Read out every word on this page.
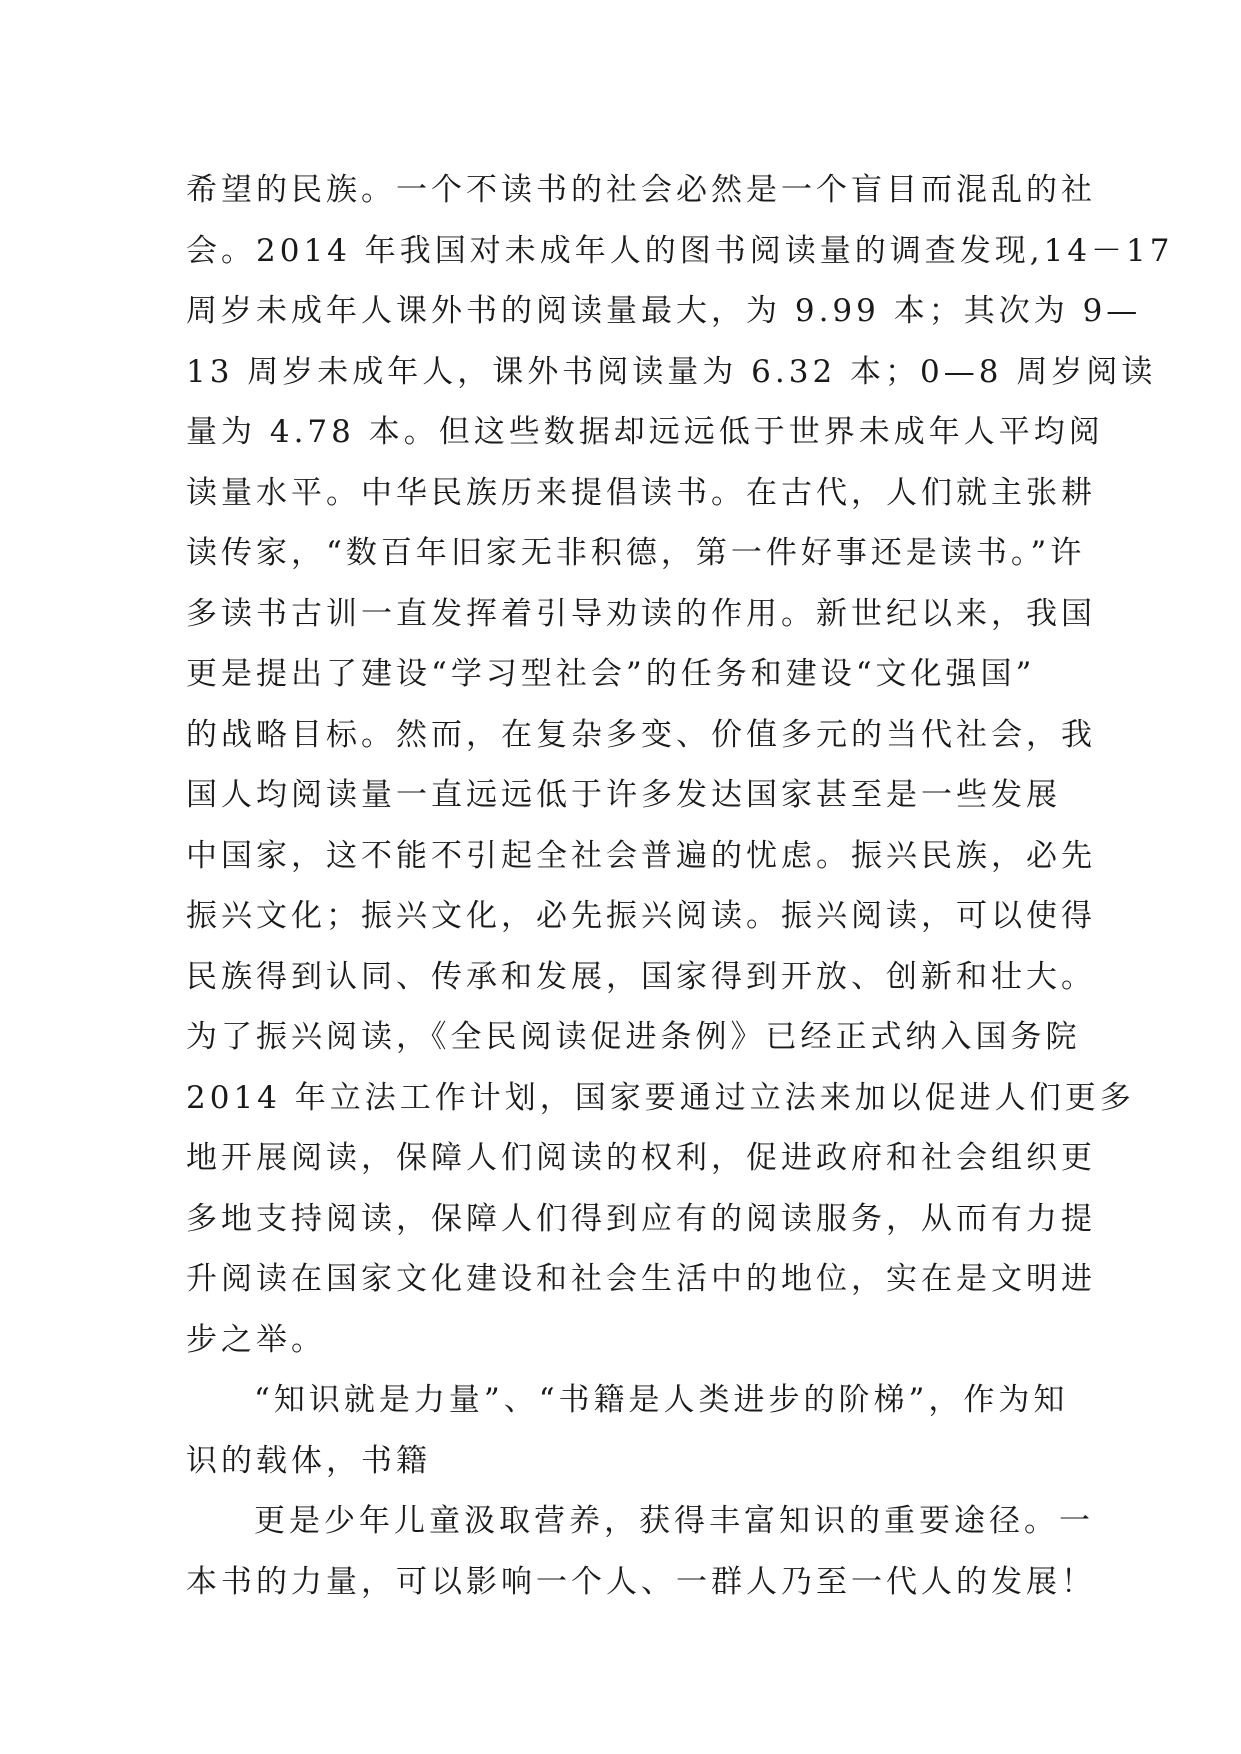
希望的民族。一个不读书的社会必然是一个盲目而混乱的社
会。2014 年我国对未成年人的图书阅读量的调查发现,14－17
周岁未成年人课外书的阅读量最大，为 9.99 本；其次为 9—
13 周岁未成年人，课外书阅读量为 6.32 本；0—8 周岁阅读
量为 4.78 本。但这些数据却远远低于世界未成年人平均阅
读量水平。中华民族历来提倡读书。在古代，人们就主张耕
读传家，“数百年旧家无非积德，第一件好事还是读书。”许
多读书古训一直发挥着引导劝读的作用。新世纪以来，我国
更是提出了建设“学习型社会”的任务和建设“文化强国”
的战略目标。然而，在复杂多变、价值多元的当代社会，我
国人均阅读量一直远远低于许多发达国家甚至是一些发展
中国家，这不能不引起全社会普遍的忧虑。振兴民族，必先
振兴文化；振兴文化，必先振兴阅读。振兴阅读，可以使得
民族得到认同、传承和发展，国家得到开放、创新和壮大。
为了振兴阅读，《全民阅读促进条例》已经正式纳入国务院
2014 年立法工作计划，国家要通过立法来加以促进人们更多
地开展阅读，保障人们阅读的权利，促进政府和社会组织更
多地支持阅读，保障人们得到应有的阅读服务，从而有力提
升阅读在国家文化建设和社会生活中的地位，实在是文明进
步之举。
“知识就是力量”、“书籍是人类进步的阶梯”，作为知
识的载体，书籍
更是少年儿童汲取营养，获得丰富知识的重要途径。一
本书的力量，可以影响一个人、一群人乃至一代人的发展！
